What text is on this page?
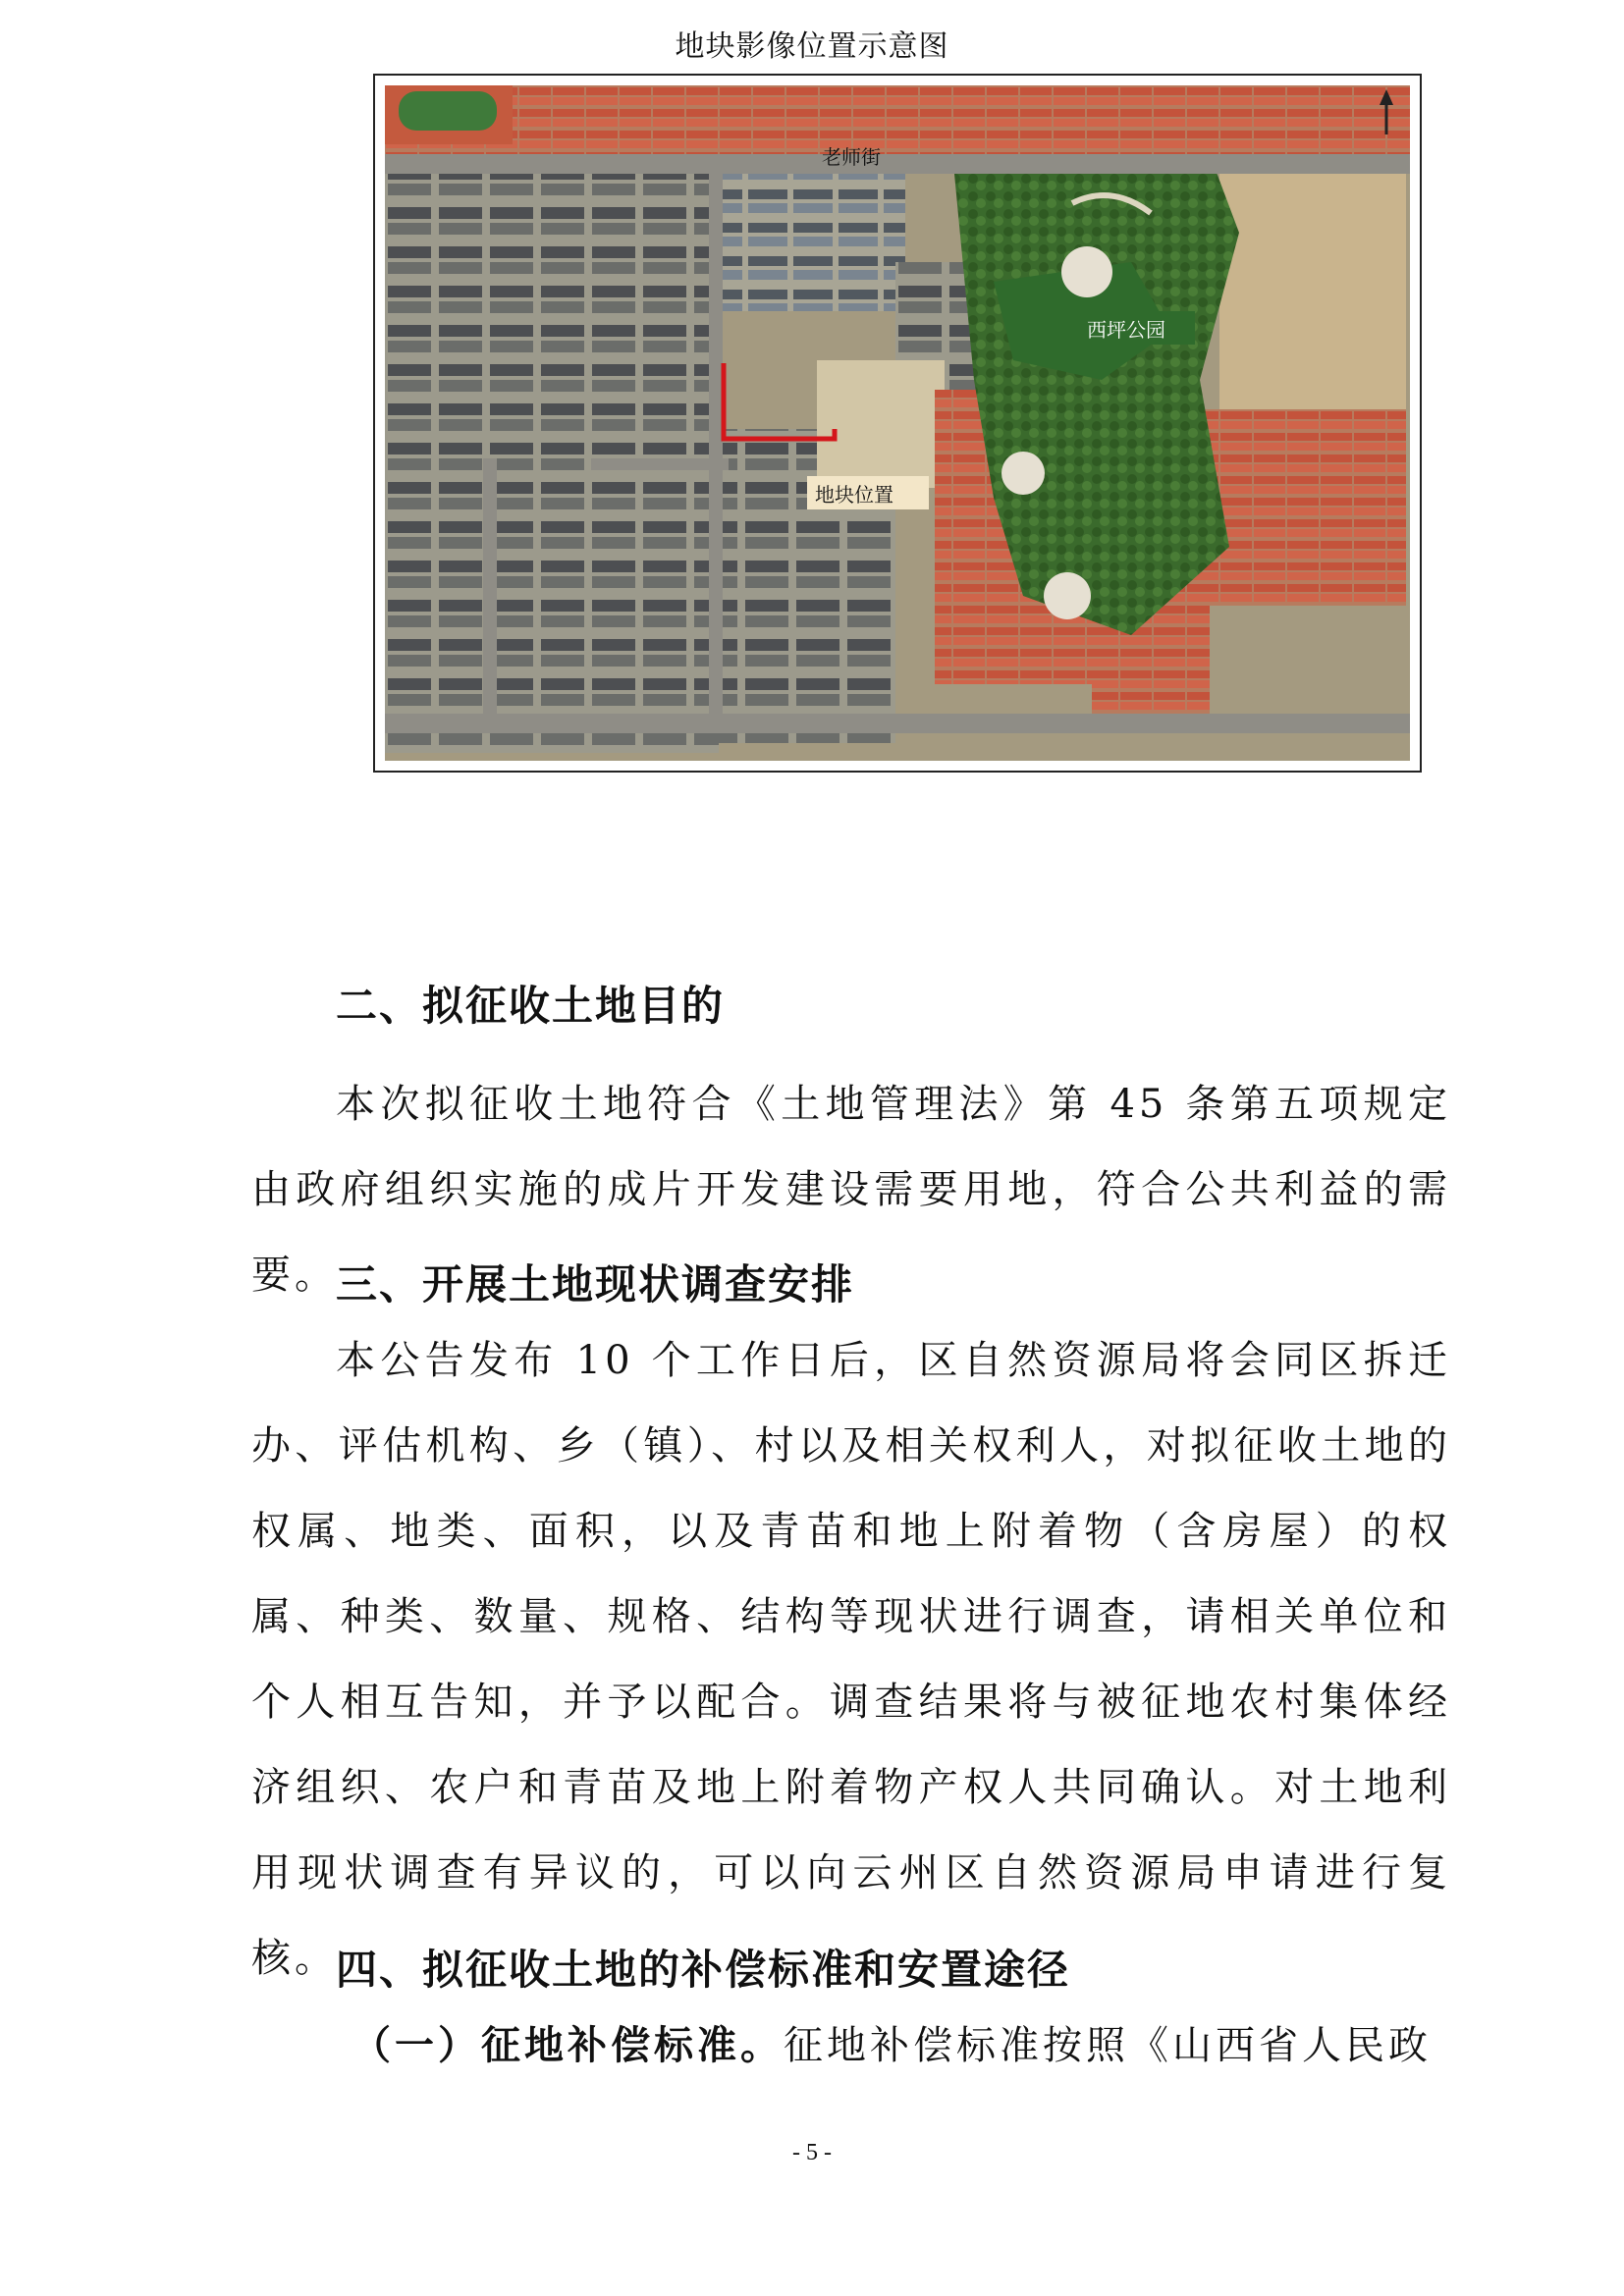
地块影像位置示意图
老师街
西坪公园
地块位置
二、拟征收土地目的
本次拟征收土地符合《土地管理法》第 45 条第五项规定由政府组织实施的成片开发建设需要用地，符合公共利益的需要。
三、开展土地现状调查安排
本公告发布 10 个工作日后，区自然资源局将会同区拆迁办、评估机构、乡（镇）、村以及相关权利人，对拟征收土地的权属、地类、面积，以及青苗和地上附着物（含房屋）的权属、种类、数量、规格、结构等现状进行调查，请相关单位和个人相互告知，并予以配合。调查结果将与被征地农村集体经济组织、农户和青苗及地上附着物产权人共同确认。对土地利用现状调查有异议的，可以向云州区自然资源局申请进行复核。
四、拟征收土地的补偿标准和安置途径
（一）征地补偿标准。征地补偿标准按照《山西省人民政
- 5 -
